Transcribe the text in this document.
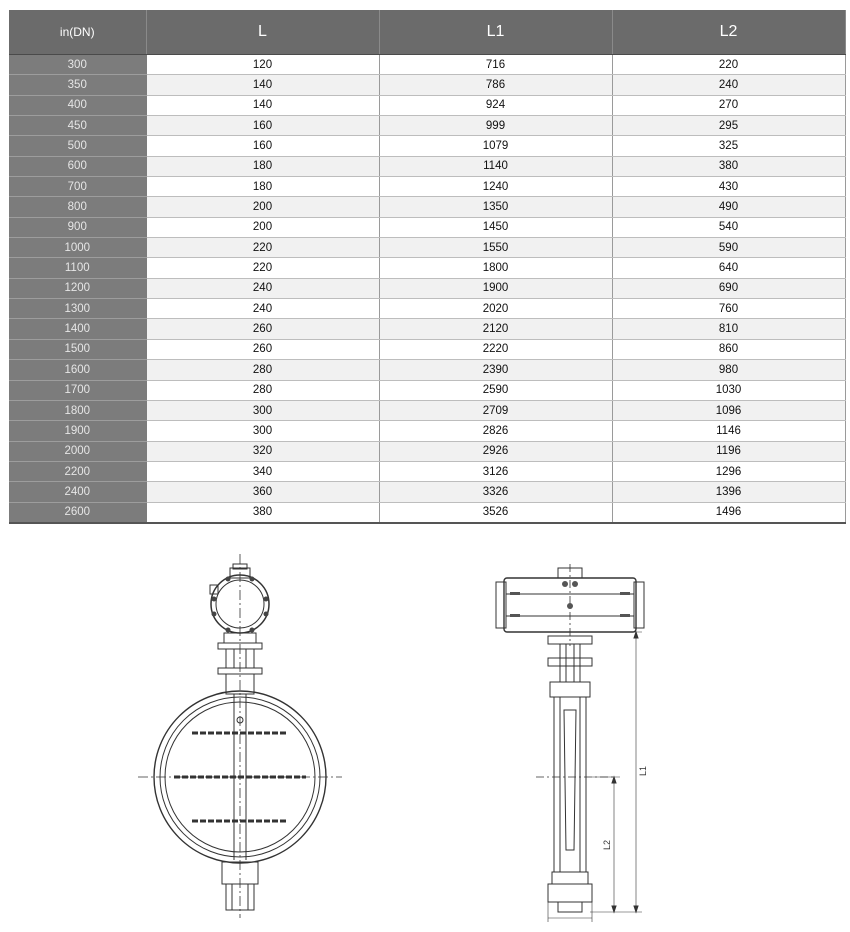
in(DN)	L	L1	L2
300	120	716	220
350	140	786	240
400	140	924	270
450	160	999	295
500	160	1079	325
600	180	1140	380
700	180	1240	430
800	200	1350	490
900	200	1450	540
1000	220	1550	590
1100	220	1800	640
1200	240	1900	690
1300	240	2020	760
1400	260	2120	810
1500	260	2220	860
1600	280	2390	980
1700	280	2590	1030
1800	300	2709	1096
1900	300	2826	1146
2000	320	2926	1196
2200	340	3126	1296
2400	360	3326	1396
2600	380	3526	1496
L1
L2
